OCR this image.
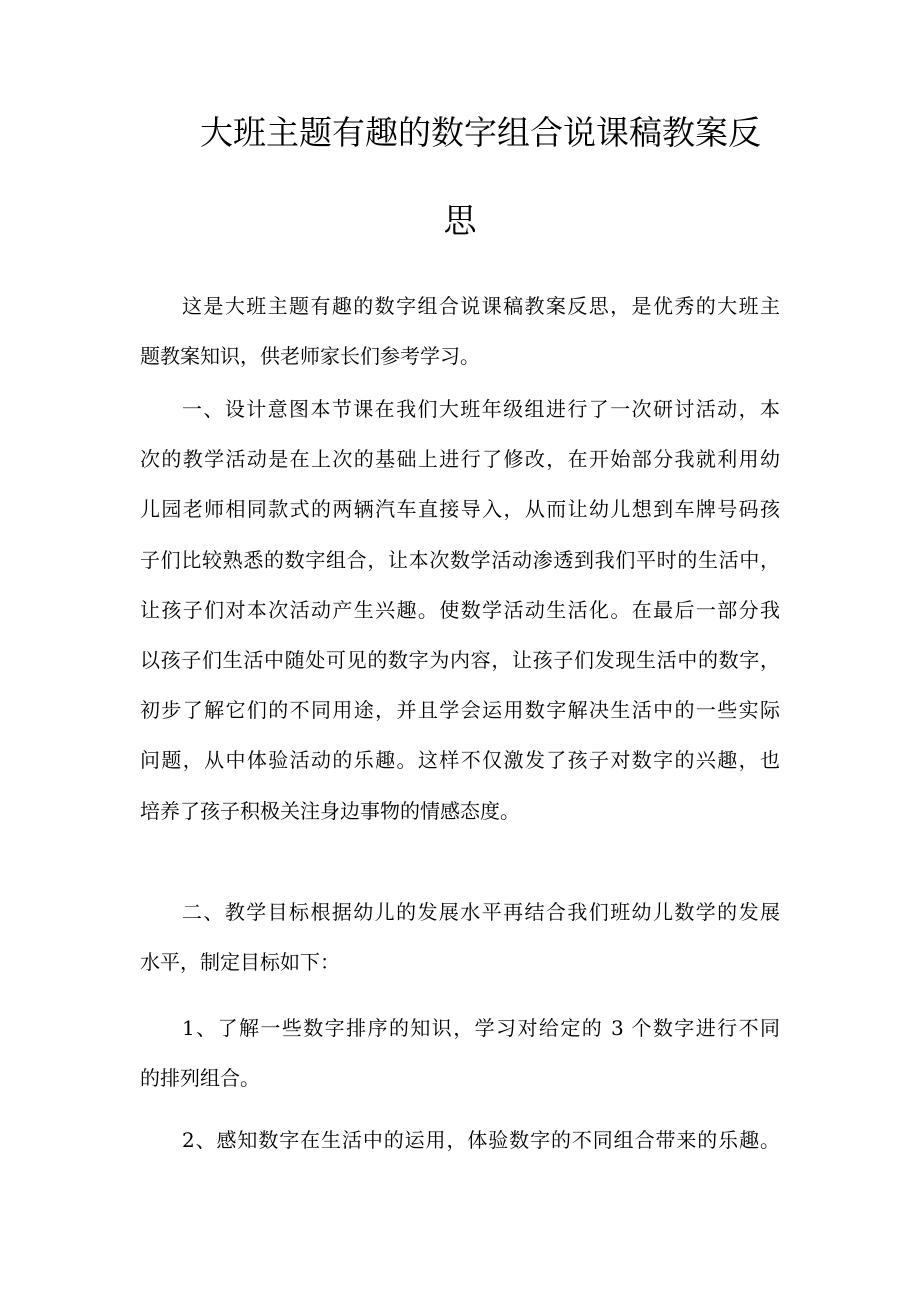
大班主题有趣的数字组合说课稿教案反
思
这是大班主题有趣的数字组合说课稿教案反思，是优秀的大班主
题教案知识，供老师家长们参考学习。
一、设计意图本节课在我们大班年级组进行了一次研讨活动，本
次的教学活动是在上次的基础上进行了修改，在开始部分我就利用幼
儿园老师相同款式的两辆汽车直接导入，从而让幼儿想到车牌号码孩
子们比较熟悉的数字组合，让本次数学活动渗透到我们平时的生活中，
让孩子们对本次活动产生兴趣。使数学活动生活化。在最后一部分我
以孩子们生活中随处可见的数字为内容，让孩子们发现生活中的数字，
初步了解它们的不同用途，并且学会运用数字解决生活中的一些实际
问题，从中体验活动的乐趣。这样不仅激发了孩子对数字的兴趣，也
培养了孩子积极关注身边事物的情感态度。
二、教学目标根据幼儿的发展水平再结合我们班幼儿数学的发展
水平，制定目标如下：
1、了解一些数字排序的知识，学习对给定的 3 个数字进行不同
的排列组合。
2、感知数字在生活中的运用，体验数字的不同组合带来的乐趣。
